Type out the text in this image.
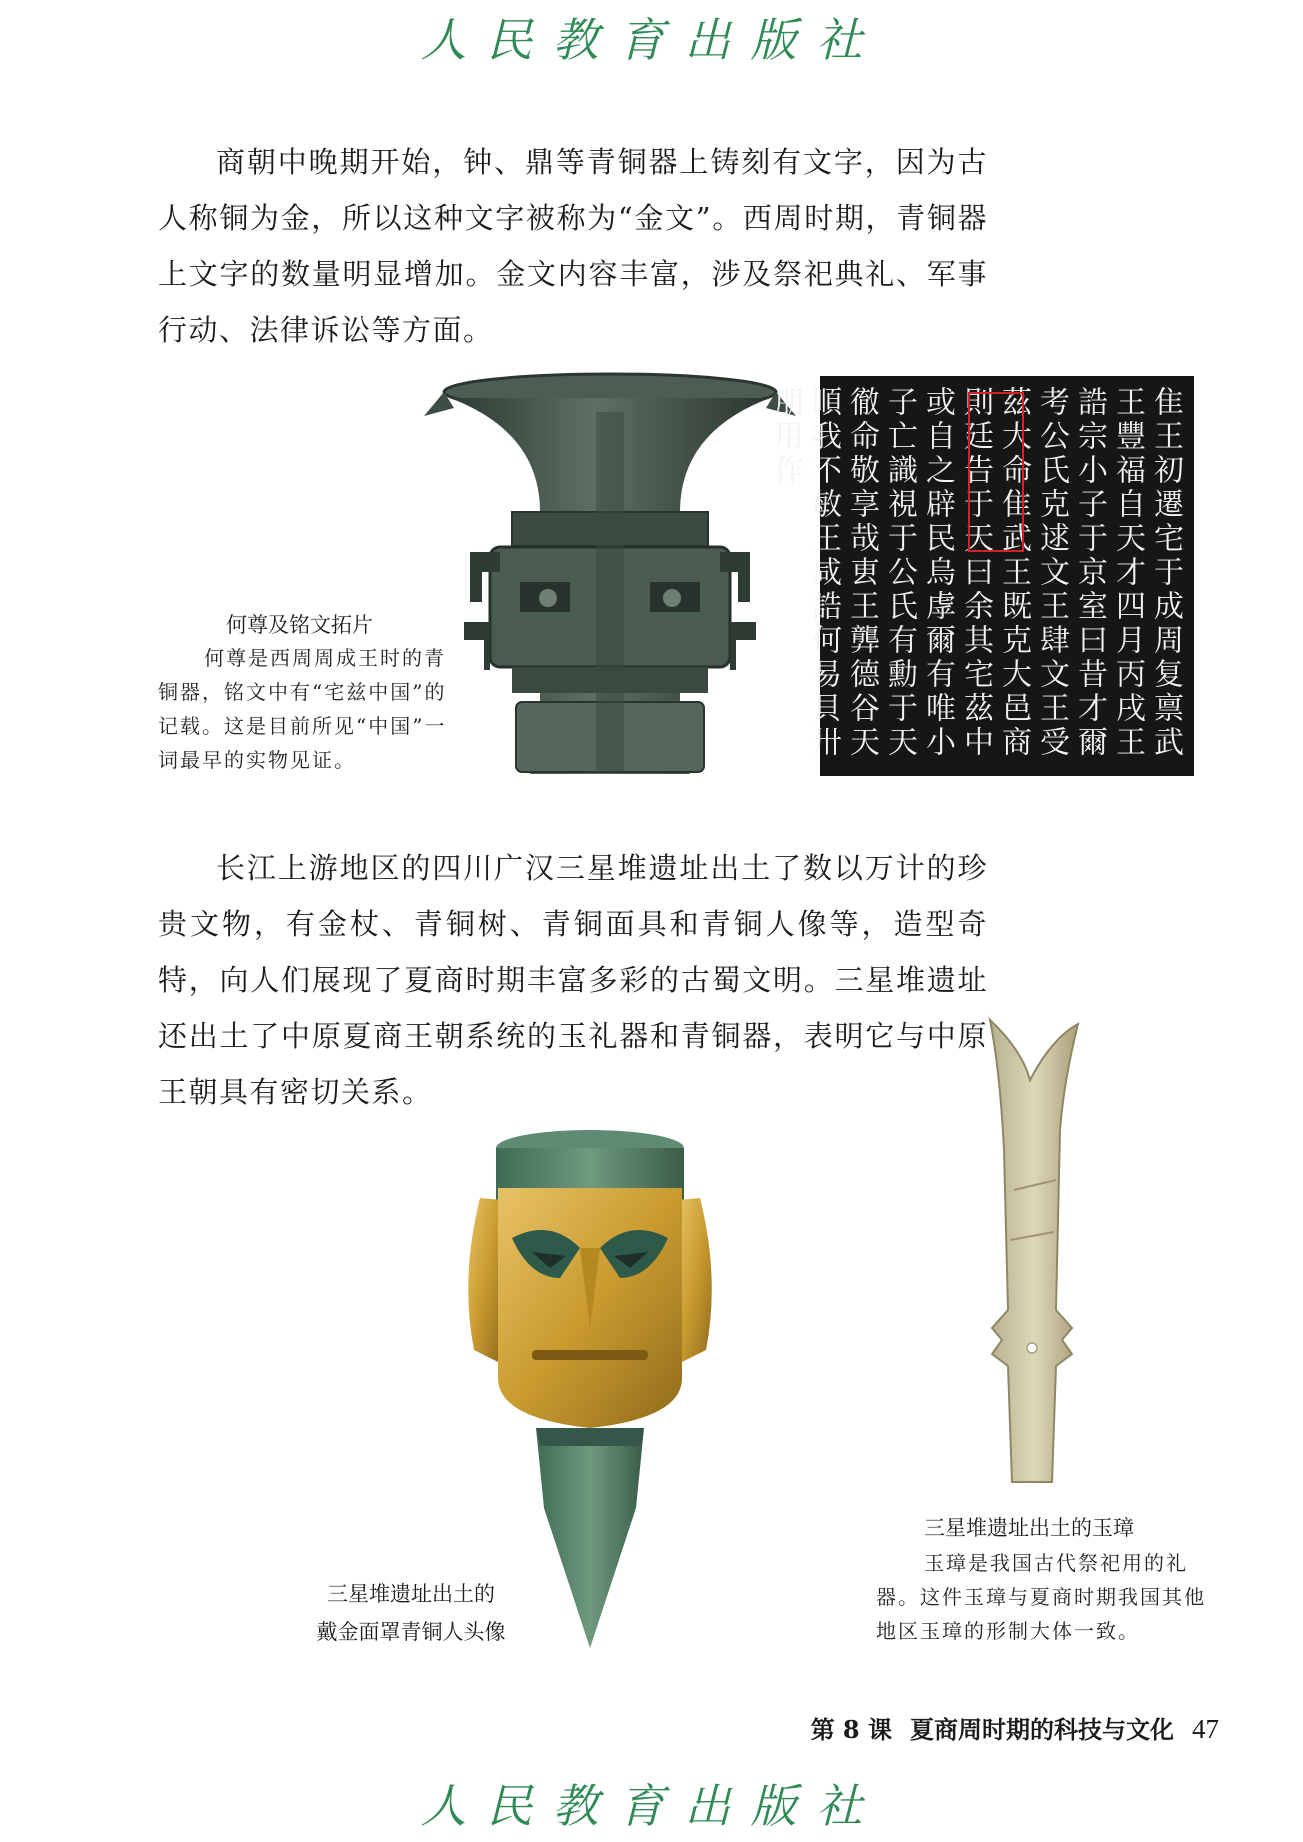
人民教育出版社
商朝中晚期开始，钟、鼎等青铜器上铸刻有文字，因为古人称铜为金，所以这种文字被称为“金文”。西周时期，青铜器上文字的数量明显增加。金文内容丰富，涉及祭祀典礼、军事行动、法律诉讼等方面。
隹王初遷宅于成周复禀武王豐福自天才四月丙戌王誥宗小子于京室曰昔才爾考公氏克逑文王肆文王受茲大命隹武王既克大邑商則廷告于天曰余其宅茲中或自之辟民烏虖爾有唯小子亡識視于公氏有勳于天徹命敬享哉叀王龏德谷天順我不敏王咸誥何易貝卅朋用作
何尊及铭文拓片
何尊是西周周成王时的青铜器，铭文中有“宅兹中国”的记载。这是目前所见“中国”一词最早的实物见证。
长江上游地区的四川广汉三星堆遗址出土了数以万计的珍贵文物，有金杖、青铜树、青铜面具和青铜人像等，造型奇特，向人们展现了夏商时期丰富多彩的古蜀文明。三星堆遗址还出土了中原夏商王朝系统的玉礼器和青铜器，表明它与中原王朝具有密切关系。
三星堆遗址出土的
戴金面罩青铜人头像
三星堆遗址出土的玉璋
玉璋是我国古代祭祀用的礼器。这件玉璋与夏商时期我国其他地区玉璋的形制大体一致。
第 8 课 夏商周时期的科技与文化 47
人民教育出版社
